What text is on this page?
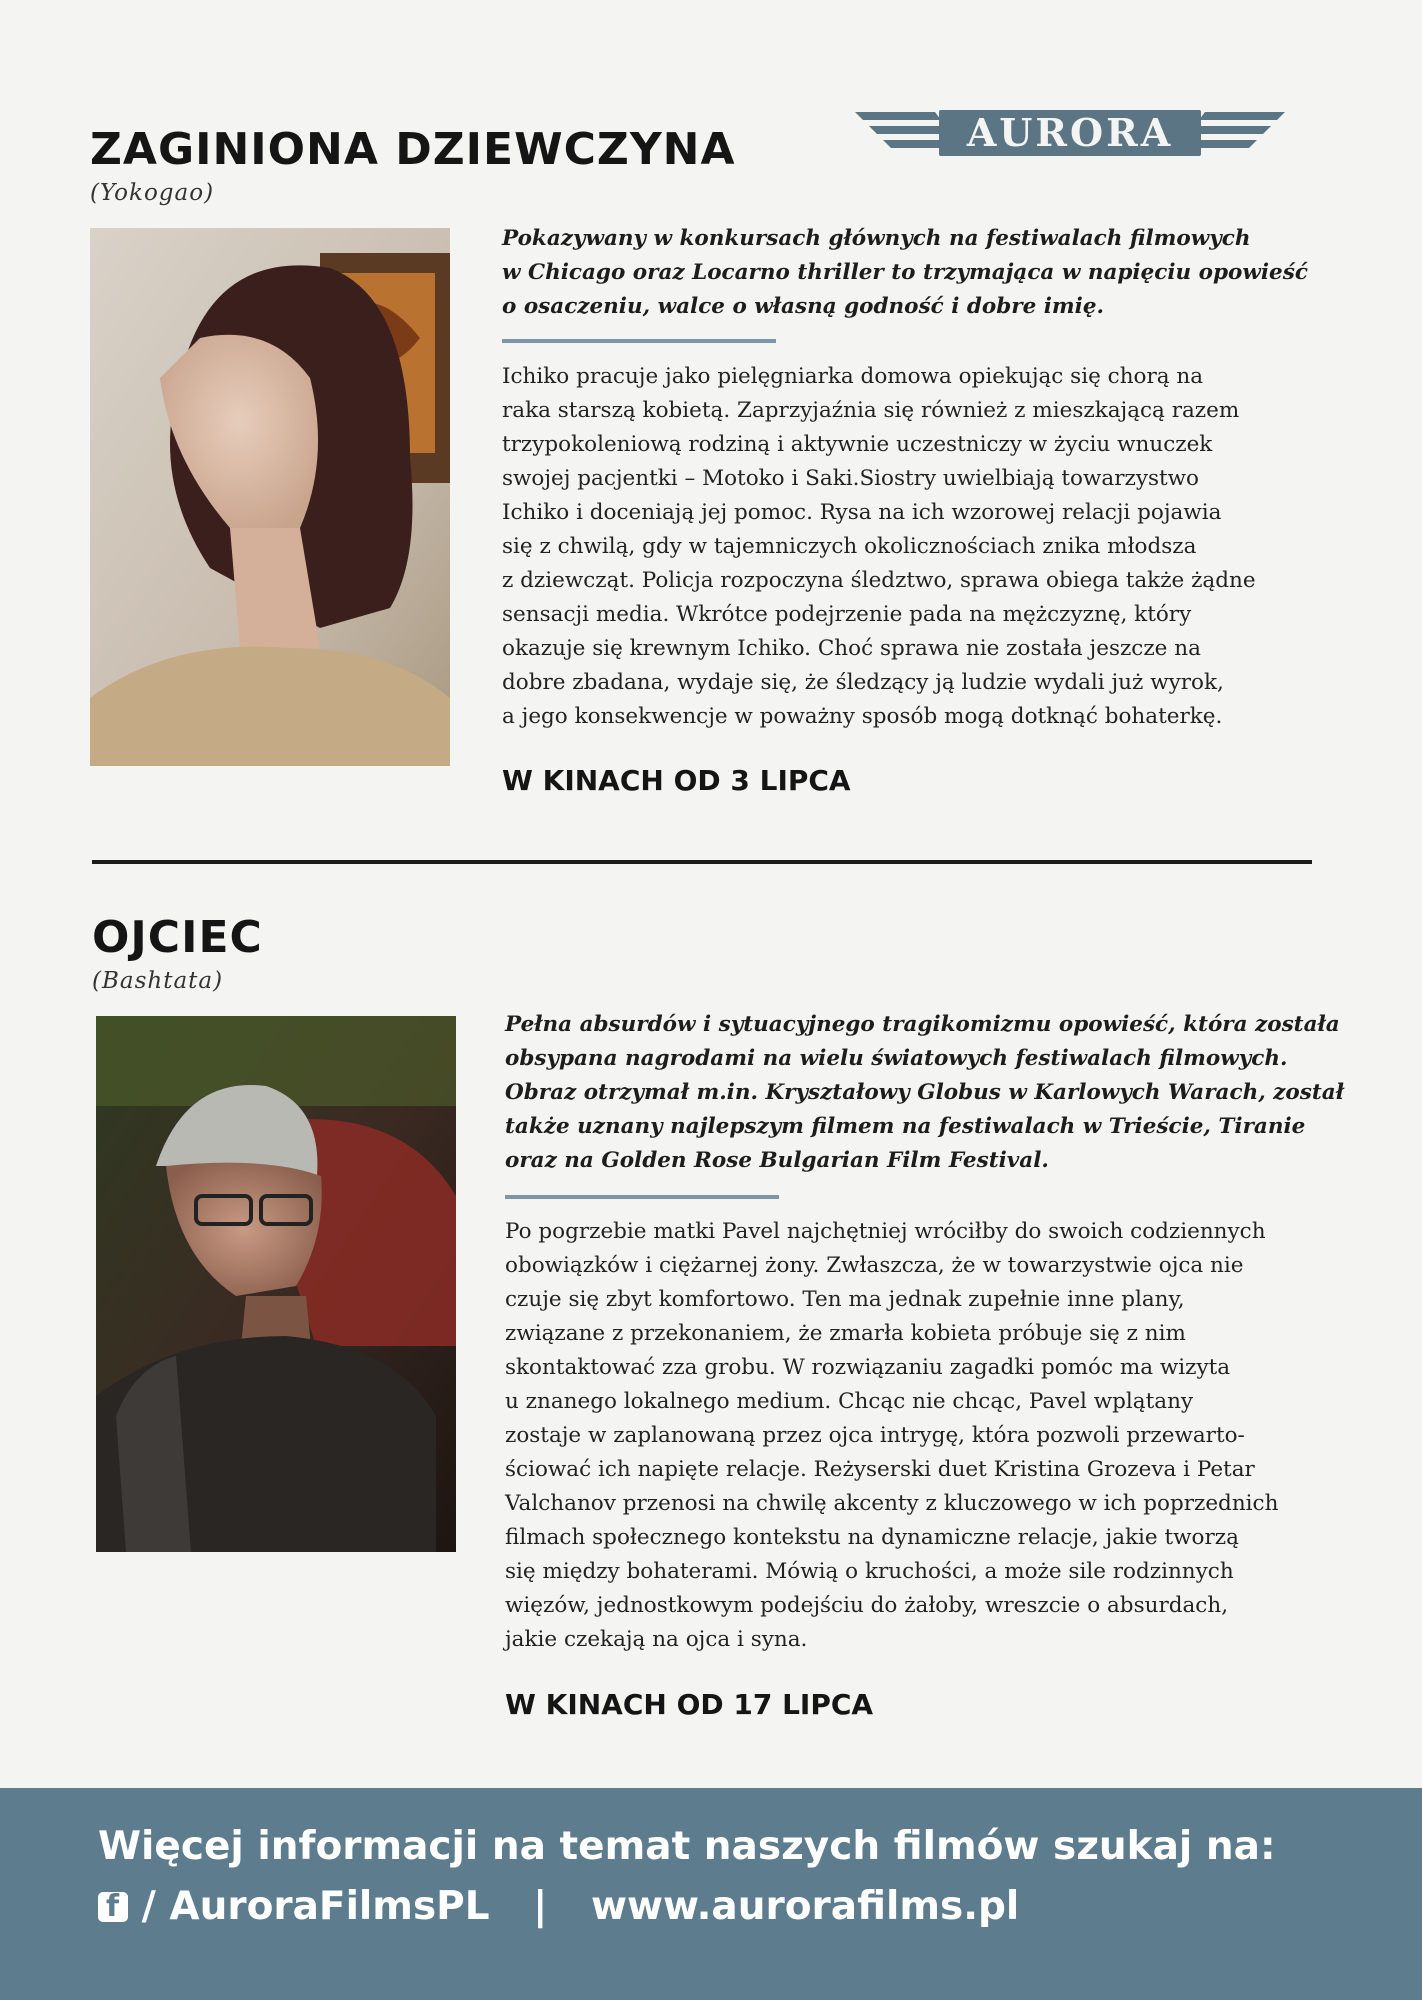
AURORA
ZAGINIONA DZIEWCZYNA
(Yokogao)

Pokazywany w konkursach głównych na festiwalach filmowych

w Chicago oraz Locarno thriller to trzymająca w napięciu opowieść

o osaczeniu, walce o własną godność i dobre imię.

Ichiko pracuje jako pielęgniarka domowa opiekując się chorą na

raka starszą kobietą. Zaprzyjaźnia się również z mieszkającą razem

trzypokoleniową rodziną i aktywnie uczestniczy w życiu wnuczek

swojej pacjentki – Motoko i Saki.Siostry uwielbiają towarzystwo

Ichiko i doceniają jej pomoc. Rysa na ich wzorowej relacji pojawia

się z chwilą, gdy w tajemniczych okolicznościach znika młodsza

z dziewcząt. Policja rozpoczyna śledztwo, sprawa obiega także żądne

sensacji media. Wkrótce podejrzenie pada na mężczyznę, który

okazuje się krewnym Ichiko. Choć sprawa nie została jeszcze na

dobre zbadana, wydaje się, że śledzący ją ludzie wydali już wyrok,

a jego konsekwencje w poważny sposób mogą dotknąć bohaterkę.

W KINACH OD 3 LIPCA
OJCIEC
(Bashtata)

Pełna absurdów i sytuacyjnego tragikomizmu opowieść, która została

obsypana nagrodami na wielu światowych festiwalach filmowych.

Obraz otrzymał m.in. Kryształowy Globus w Karlowych Warach, został

także uznany najlepszym filmem na festiwalach w Trieście, Tiranie

oraz na Golden Rose Bulgarian Film Festival.

Po pogrzebie matki Pavel najchętniej wróciłby do swoich codziennych

obowiązków i ciężarnej żony. Zwłaszcza, że w towarzystwie ojca nie

czuje się zbyt komfortowo. Ten ma jednak zupełnie inne plany,

związane z przekonaniem, że zmarła kobieta próbuje się z nim

skontaktować zza grobu. W rozwiązaniu zagadki pomóc ma wizyta

u znanego lokalnego medium. Chcąc nie chcąc, Pavel wplątany

zostaje w zaplanowaną przez ojca intrygę, która pozwoli przewarto-

ściować ich napięte relacje. Reżyserski duet Kristina Grozeva i Petar

Valchanov przenosi na chwilę akcenty z kluczowego w ich poprzednich

filmach społecznego kontekstu na dynamiczne relacje, jakie tworzą

się między bohaterami. Mówią o kruchości, a może sile rodzinnych

więzów, jednostkowym podejściu do żałoby, wreszcie o absurdach,

jakie czekają na ojca i syna.

W KINACH OD 17 LIPCA
Więcej informacji na temat naszych filmów szukaj na:
f / AuroraFilmsPL | www.aurorafilms.pl
